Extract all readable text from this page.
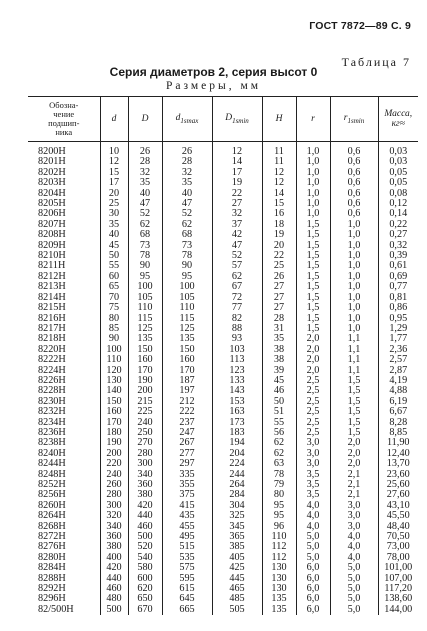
ГОСТ 7872—89 С. 9
Таблица 7
Серия диаметров 2, серия высот 0
Размеры, мм
Обозна-
чение
подшип-
ника	d	D	$d_{1smax}$	$D_{1smin}$	H	r	$r_{1smin}$	Масса,
кг≈
8200H	10	26	26	12	11	1,0	0,6	0,03
8201H	12	28	28	14	11	1,0	0,6	0,03
8202H	15	32	32	17	12	1,0	0,6	0,05
8203H	17	35	35	19	12	1,0	0,6	0,05
8204H	20	40	40	22	14	1,0	0,6	0,08
8205H	25	47	47	27	15	1,0	0,6	0,12
8206H	30	52	52	32	16	1,0	0,6	0,14
8207H	35	62	62	37	18	1,5	1,0	0,22
8208H	40	68	68	42	19	1,5	1,0	0,27
8209H	45	73	73	47	20	1,5	1,0	0,32
8210H	50	78	78	52	22	1,5	1,0	0,39
8211H	55	90	90	57	25	1,5	1,0	0,61
8212H	60	95	95	62	26	1,5	1,0	0,69
8213H	65	100	100	67	27	1,5	1,0	0,77
8214H	70	105	105	72	27	1,5	1,0	0,81
8215H	75	110	110	77	27	1,5	1,0	0,86
8216H	80	115	115	82	28	1,5	1,0	0,95
8217H	85	125	125	88	31	1,5	1,0	1,29
8218H	90	135	135	93	35	2,0	1,1	1,77
8220H	100	150	150	103	38	2,0	1,1	2,36
8222H	110	160	160	113	38	2,0	1,1	2,57
8224H	120	170	170	123	39	2,0	1,1	2,87
8226H	130	190	187	133	45	2,5	1,5	4,19
8228H	140	200	197	143	46	2,5	1,5	4,88
8230H	150	215	212	153	50	2,5	1,5	6,19
8232H	160	225	222	163	51	2,5	1,5	6,67
8234H	170	240	237	173	55	2,5	1,5	8,28
8236H	180	250	247	183	56	2,5	1,5	8,85
8238H	190	270	267	194	62	3,0	2,0	11,90
8240H	200	280	277	204	62	3,0	2,0	12,40
8244H	220	300	297	224	63	3,0	2,0	13,70
8248H	240	340	335	244	78	3,5	2,1	23,60
8252H	260	360	355	264	79	3,5	2,1	25,60
8256H	280	380	375	284	80	3,5	2,1	27,60
8260H	300	420	415	304	95	4,0	3,0	43,10
8264H	320	440	435	325	95	4,0	3,0	45,50
8268H	340	460	455	345	96	4,0	3,0	48,40
8272H	360	500	495	365	110	5,0	4,0	70,50
8276H	380	520	515	385	112	5,0	4,0	73,00
8280H	400	540	535	405	112	5,0	4,0	78,00
8284H	420	580	575	425	130	6,0	5,0	101,00
8288H	440	600	595	445	130	6,0	5,0	107,00
8292H	460	620	615	465	130	6,0	5,0	117,20
8296H	480	650	645	485	135	6,0	5,0	138,60
82/500H	500	670	665	505	135	6,0	5,0	144,00
